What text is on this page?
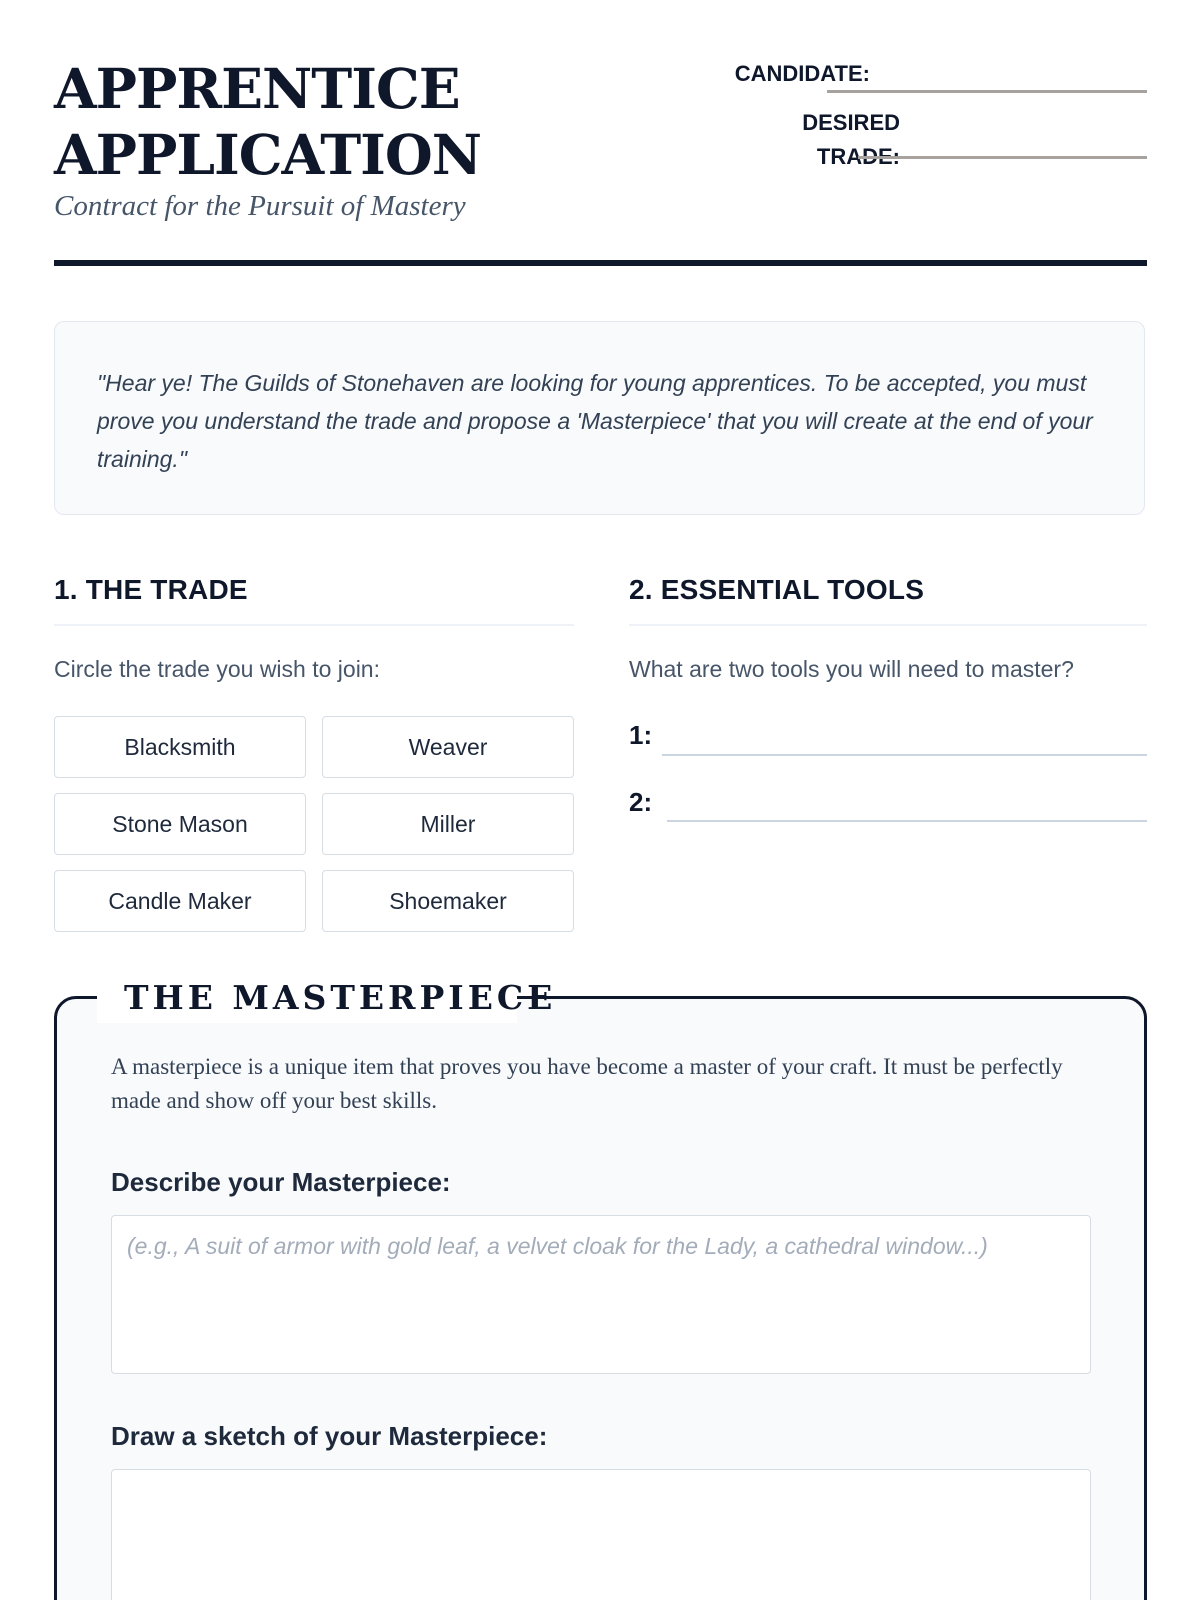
APPRENTICE
APPLICATION
Contract for the Pursuit of Mastery
CANDIDATE:
DESIRED
TRADE:
"Hear ye! The Guilds of Stonehaven are looking for young apprentices. To be accepted, you must prove you understand the trade and propose a 'Masterpiece' that you will create at the end of your training."
1. THE TRADE
Circle the trade you wish to join:
Blacksmith	Weaver
Stone Mason	Miller
Candle Maker	Shoemaker
2. ESSENTIAL TOOLS
What are two tools you will need to master?
1:
2:
THE MASTERPIECE
A masterpiece is a unique item that proves you have become a master of your craft. It must be perfectly made and show off your best skills.
Describe your Masterpiece:
(e.g., A suit of armor with gold leaf, a velvet cloak for the Lady, a cathedral window...)
Draw a sketch of your Masterpiece:
